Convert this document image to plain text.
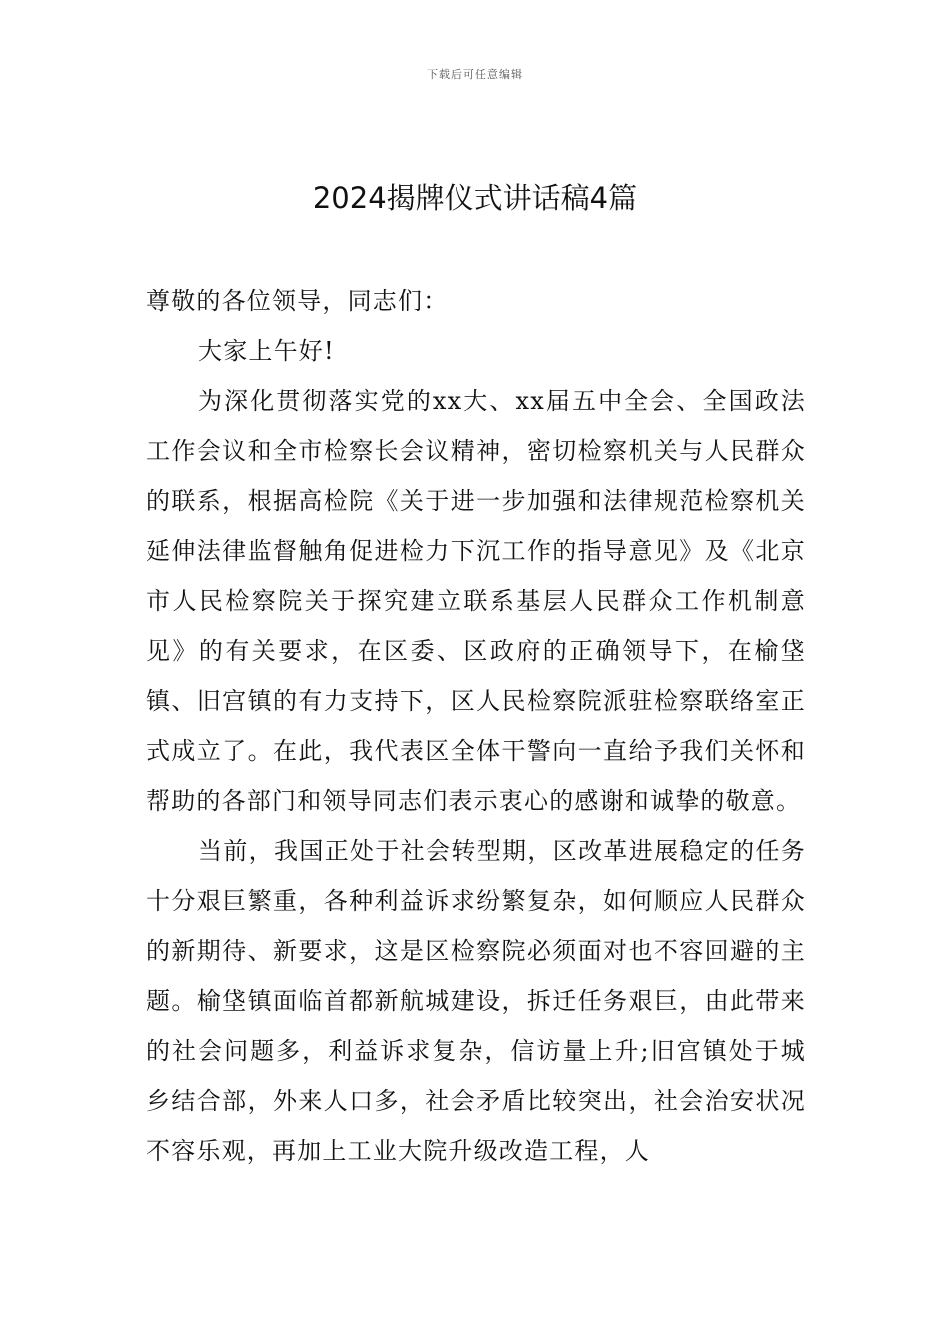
下载后可任意编辑
2024揭牌仪式讲话稿4篇

尊敬的各位领导，同志们：

大家上午好!

为深化贯彻落实党的xx大、xx届五中全会、全国政法工作会议和全市检察长会议精神，密切检察机关与人民群众的联系，根据高检院《关于进一步加强和法律规范检察机关延伸法律监督触角促进检力下沉工作的指导意见》及《北京市人民检察院关于探究建立联系基层人民群众工作机制意见》的有关要求，在区委、区政府的正确领导下，在榆垡镇、旧宫镇的有力支持下，区人民检察院派驻检察联络室正式成立了。在此，我代表区全体干警向一直给予我们关怀和帮助的各部门和领导同志们表示衷心的感谢和诚挚的敬意。

当前，我国正处于社会转型期，区改革进展稳定的任务十分艰巨繁重，各种利益诉求纷繁复杂，如何顺应人民群众的新期待、新要求，这是区检察院必须面对也不容回避的主题。榆垡镇面临首都新航城建设，拆迁任务艰巨，由此带来的社会问题多，利益诉求复杂，信访量上升;旧宫镇处于城乡结合部，外来人口多，社会矛盾比较突出，社会治安状况不容乐观，再加上工业大院升级改造工程，人
